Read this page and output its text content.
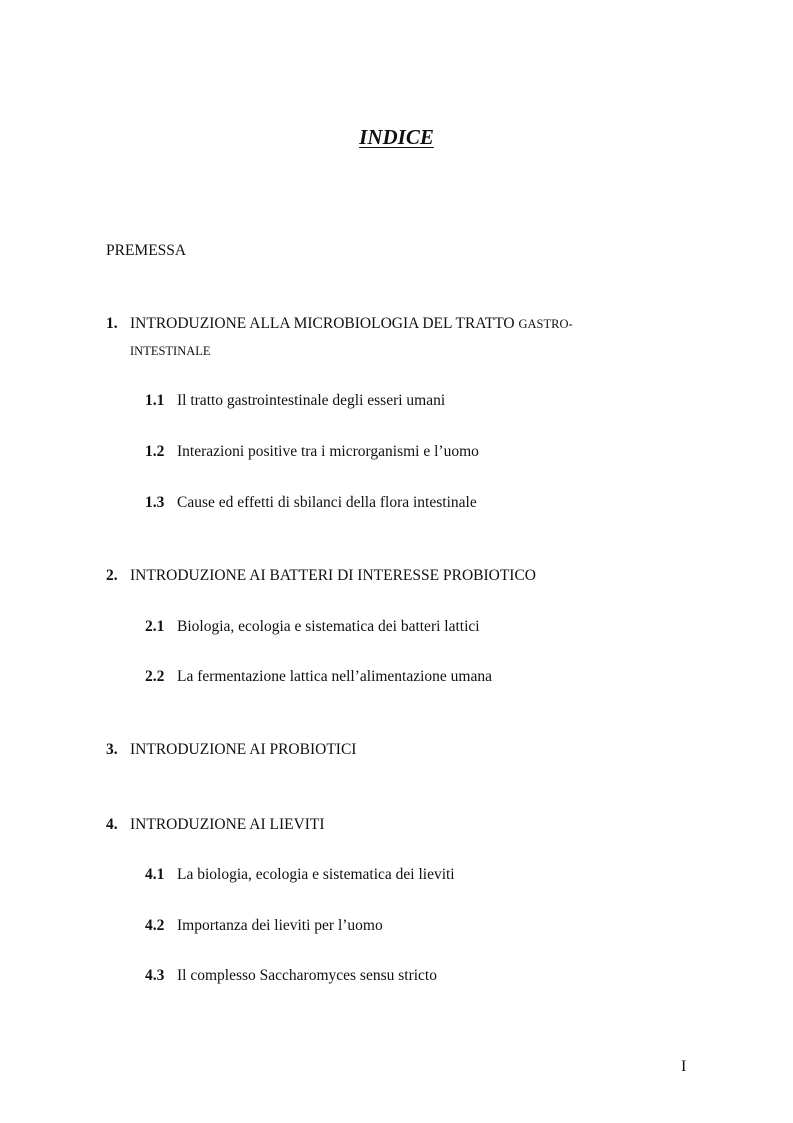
INDICE
PREMESSA
1. INTRODUZIONE ALLA MICROBIOLOGIA DEL TRATTO GASTRO-
INTESTINALE
1.1 Il tratto gastrointestinale degli esseri umani
1.2 Interazioni positive tra i microrganismi e l’uomo
1.3 Cause ed effetti di sbilanci della flora intestinale
2. INTRODUZIONE AI BATTERI DI INTERESSE PROBIOTICO
2.1 Biologia, ecologia e sistematica dei batteri lattici
2.2 La fermentazione lattica nell’alimentazione umana
3. INTRODUZIONE AI PROBIOTICI
4. INTRODUZIONE AI LIEVITI
4.1 La biologia, ecologia e sistematica dei lieviti
4.2 Importanza dei lieviti per l’uomo
4.3 Il complesso Saccharomyces sensu stricto
I
